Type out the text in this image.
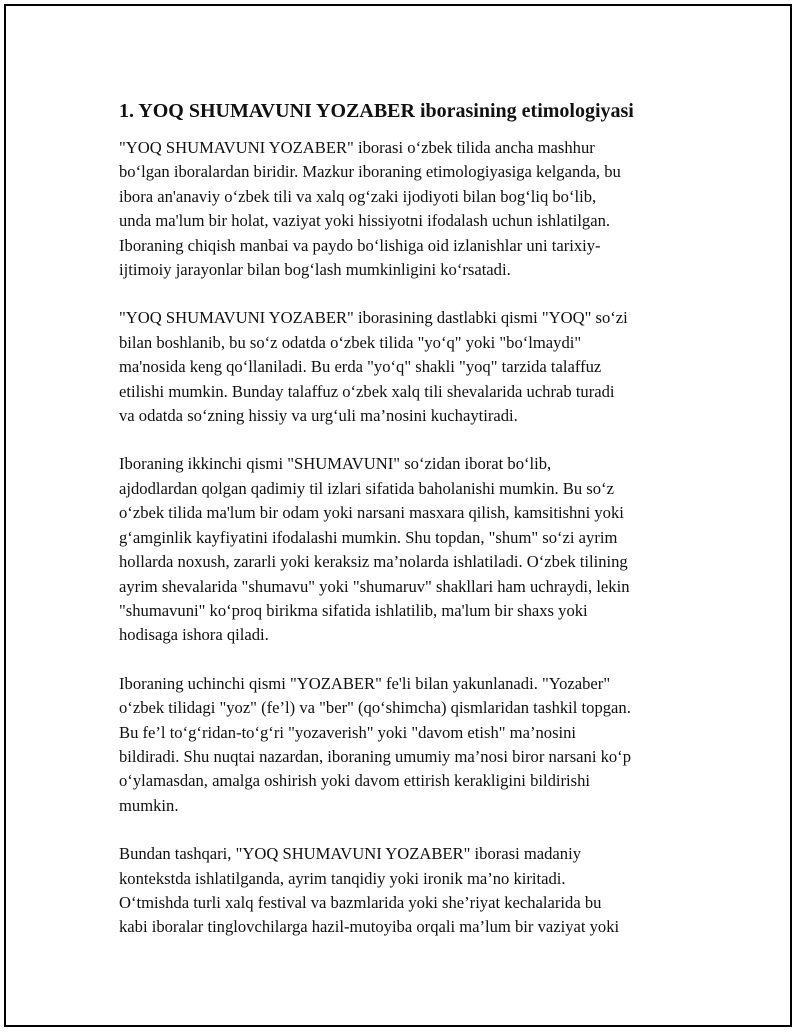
1. YOQ SHUMAVUNI YOZABER iborasining etimologiyasi

"YOQ SHUMAVUNI YOZABER" iborasi o‘zbek tilida ancha mashhur
bo‘lgan iboralardan biridir. Mazkur iboraning etimologiyasiga kelganda, bu
ibora an'anaviy o‘zbek tili va xalq og‘zaki ijodiyoti bilan bog‘liq bo‘lib,
unda ma'lum bir holat, vaziyat yoki hissiyotni ifodalash uchun ishlatilgan.
Iboraning chiqish manbai va paydo bo‘lishiga oid izlanishlar uni tarixiy-
ijtimoiy jarayonlar bilan bog‘lash mumkinligini ko‘rsatadi.

"YOQ SHUMAVUNI YOZABER" iborasining dastlabki qismi "YOQ" so‘zi
bilan boshlanib, bu so‘z odatda o‘zbek tilida "yo‘q" yoki "bo‘lmaydi"
ma'nosida keng qo‘llaniladi. Bu erda "yo‘q" shakli "yoq" tarzida talaffuz
etilishi mumkin. Bunday talaffuz o‘zbek xalq tili shevalarida uchrab turadi
va odatda so‘zning hissiy va urg‘uli ma’nosini kuchaytiradi.

Iboraning ikkinchi qismi "SHUMAVUNI" so‘zidan iborat bo‘lib,
ajdodlardan qolgan qadimiy til izlari sifatida baholanishi mumkin. Bu so‘z
o‘zbek tilida ma'lum bir odam yoki narsani masxara qilish, kamsitishni yoki
g‘amginlik kayfiyatini ifodalashi mumkin. Shu topdan, "shum" so‘zi ayrim
hollarda noxush, zararli yoki keraksiz ma’nolarda ishlatiladi. O‘zbek tilining
ayrim shevalarida "shumavu" yoki "shumaruv" shakllari ham uchraydi, lekin
"shumavuni" ko‘proq birikma sifatida ishlatilib, ma'lum bir shaxs yoki
hodisaga ishora qiladi.

Iboraning uchinchi qismi "YOZABER" fe'li bilan yakunlanadi. "Yozaber"
o‘zbek tilidagi "yoz" (fe’l) va "ber" (qo‘shimcha) qismlaridan tashkil topgan.
Bu fe’l to‘g‘ridan-to‘g‘ri "yozaverish" yoki "davom etish" ma’nosini
bildiradi. Shu nuqtai nazardan, iboraning umumiy ma’nosi biror narsani ko‘p
o‘ylamasdan, amalga oshirish yoki davom ettirish kerakligini bildirishi
mumkin.

Bundan tashqari, "YOQ SHUMAVUNI YOZABER" iborasi madaniy
kontekstda ishlatilganda, ayrim tanqidiy yoki ironik ma’no kiritadi.
O‘tmishda turli xalq festival va bazmlarida yoki she’riyat kechalarida bu
kabi iboralar tinglovchilarga hazil-mutoyiba orqali ma’lum bir vaziyat yoki
